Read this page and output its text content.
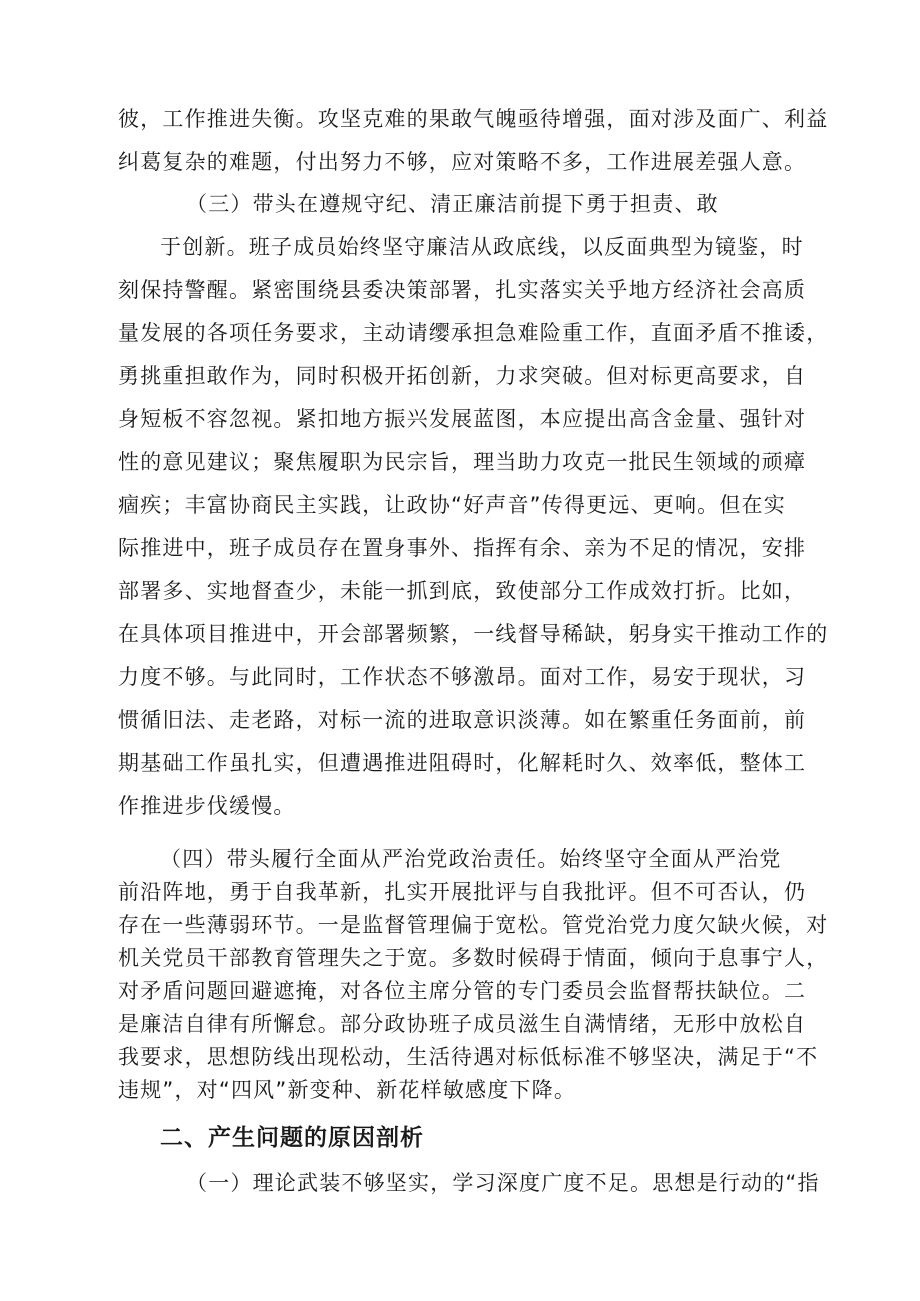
彼，工作推进失衡。攻坚克难的果敢气魄亟待增强，面对涉及面广、利益
纠葛复杂的难题，付出努力不够，应对策略不多，工作进展差强人意。
（三）带头在遵规守纪、清正廉洁前提下勇于担责、敢
于创新。班子成员始终坚守廉洁从政底线，以反面典型为镜鉴，时
刻保持警醒。紧密围绕县委决策部署，扎实落实关乎地方经济社会高质
量发展的各项任务要求，主动请缨承担急难险重工作，直面矛盾不推诿，
勇挑重担敢作为，同时积极开拓创新，力求突破。但对标更高要求，自
身短板不容忽视。紧扣地方振兴发展蓝图，本应提出高含金量、强针对
性的意见建议；聚焦履职为民宗旨，理当助力攻克一批民生领域的顽瘴
痼疾；丰富协商民主实践，让政协“好声音”传得更远、更响。但在实
际推进中，班子成员存在置身事外、指挥有余、亲为不足的情况，安排
部署多、实地督查少，未能一抓到底，致使部分工作成效打折。比如，
在具体项目推进中，开会部署频繁，一线督导稀缺，躬身实干推动工作的
力度不够。与此同时，工作状态不够激昂。面对工作，易安于现状，习
惯循旧法、走老路，对标一流的进取意识淡薄。如在繁重任务面前，前
期基础工作虽扎实，但遭遇推进阻碍时，化解耗时久、效率低，整体工
作推进步伐缓慢。
（四）带头履行全面从严治党政治责任。始终坚守全面从严治党
前沿阵地，勇于自我革新，扎实开展批评与自我批评。但不可否认，仍
存在一些薄弱环节。一是监督管理偏于宽松。管党治党力度欠缺火候，对
机关党员干部教育管理失之于宽。多数时候碍于情面，倾向于息事宁人，
对矛盾问题回避遮掩，对各位主席分管的专门委员会监督帮扶缺位。二
是廉洁自律有所懈怠。部分政协班子成员滋生自满情绪，无形中放松自
我要求，思想防线出现松动，生活待遇对标低标准不够坚决，满足于“不
违规”，对“四风”新变种、新花样敏感度下降。
二、产生问题的原因剖析
（一）理论武装不够坚实，学习深度广度不足。思想是行动的“指
